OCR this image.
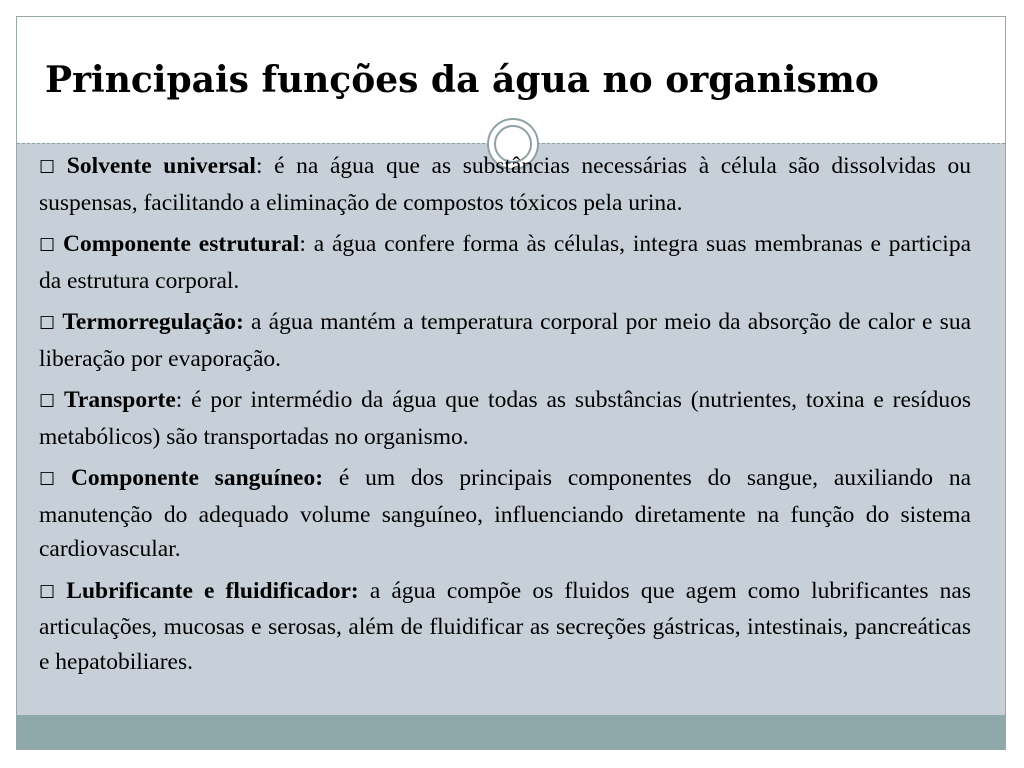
Principais funções da água no organismo

☐ Solvente universal: é na água que as substâncias necessárias à célula são dissolvidas ou suspensas, facilitando a eliminação de compostos tóxicos pela urina.

☐ Componente estrutural: a água confere forma às células, integra suas membranas e participa da estrutura corporal.

☐ Termorregulação: a água mantém a temperatura corporal por meio da absorção de calor e sua liberação por evaporação.

☐ Transporte: é por intermédio da água que todas as substâncias (nutrientes, toxina e resíduos metabólicos) são transportadas no organismo.

☐ Componente sanguíneo: é um dos principais componentes do sangue, auxiliando na manutenção do adequado volume sanguíneo, influenciando diretamente na função do sistema cardiovascular.

☐ Lubrificante e fluidificador: a água compõe os fluidos que agem como lubrificantes nas articulações, mucosas e serosas, além de fluidificar as secreções gástricas, intestinais, pancreáticas e hepatobiliares.
